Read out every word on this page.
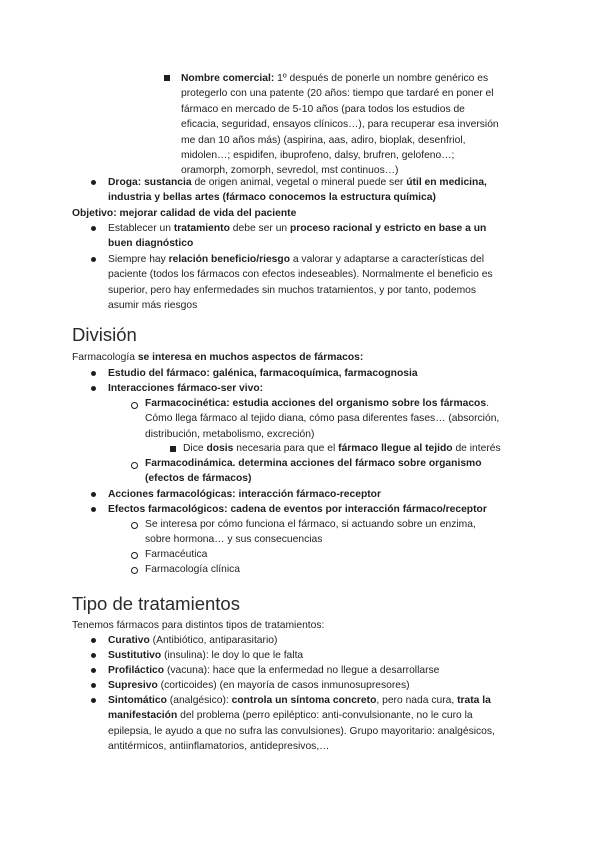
Nombre comercial: 1º después de ponerle un nombre genérico es
protegerlo con una patente (20 años: tiempo que tardaré en poner el
fármaco en mercado de 5-10 años (para todos los estudios de
eficacia, seguridad, ensayos clínicos…), para recuperar esa inversión
me dan 10 años más) (aspirina, aas, adiro, bioplak, desenfriol,
midolen…; espidifen, ibuprofeno, dalsy, brufren, gelofeno…;
oramorph, zomorph, sevredol, mst continuos…)
Droga: sustancia de origen animal, vegetal o mineral puede ser útil en medicina,
industria y bellas artes (fármaco conocemos la estructura química)
Objetivo: mejorar calidad de vida del paciente
Establecer un tratamiento debe ser un proceso racional y estricto en base a un
buen diagnóstico
Siempre hay relación beneficio/riesgo a valorar y adaptarse a características del
paciente (todos los fármacos con efectos indeseables). Normalmente el beneficio es
superior, pero hay enfermedades sin muchos tratamientos, y por tanto, podemos
asumir más riesgos
División
Farmacología se interesa en muchos aspectos de fármacos:
Estudio del fármaco: galénica, farmacoquímica, farmacognosia
Interacciones fármaco-ser vivo:
Farmacocinética: estudia acciones del organismo sobre los fármacos.
Cómo llega fármaco al tejido diana, cómo pasa diferentes fases… (absorción,
distribución, metabolismo, excreción)
Dice dosis necesaria para que el fármaco llegue al tejido de interés
Farmacodinámica. determina acciones del fármaco sobre organismo
(efectos de fármacos)
Acciones farmacológicas: interacción fármaco-receptor
Efectos farmacológicos: cadena de eventos por interacción fármaco/receptor
Se interesa por cómo funciona el fármaco, si actuando sobre un enzima,
sobre hormona… y sus consecuencias
Farmacéutica
Farmacología clínica
Tipo de tratamientos
Tenemos fármacos para distintos tipos de tratamientos:
Curativo (Antibiótico, antiparasitario)
Sustitutivo (insulina): le doy lo que le falta
Profiláctico (vacuna): hace que la enfermedad no llegue a desarrollarse
Supresivo (corticoides) (en mayoría de casos inmunosupresores)
Sintomático (analgésico): controla un síntoma concreto, pero nada cura, trata la
manifestación del problema (perro epiléptico: anti-convulsionante, no le curo la
epilepsia, le ayudo a que no sufra las convulsiones). Grupo mayoritario: analgésicos,
antitérmicos, antiinflamatorios, antidepresivos,…
